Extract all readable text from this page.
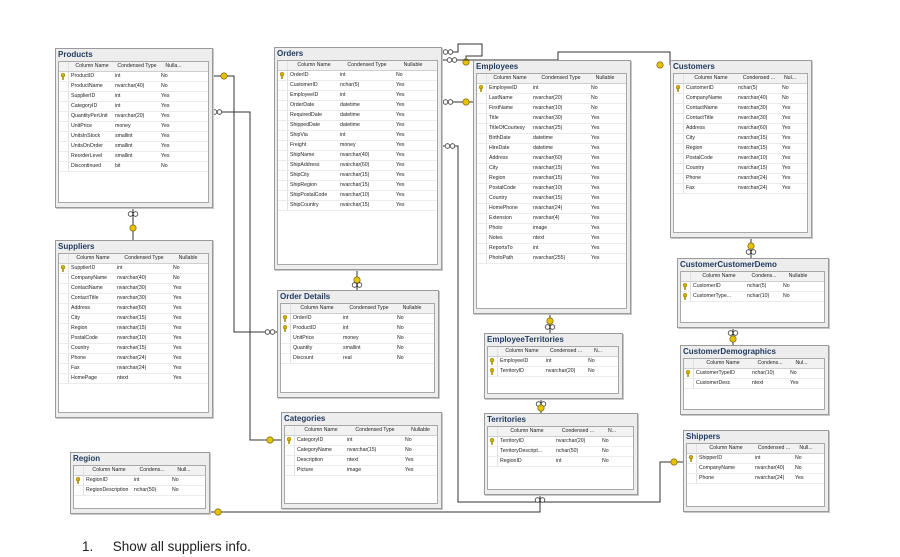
Products
Column Name	Condensed Type	Nulla...
ProductID	int	No
ProductName	nvarchar(40)	No
SupplierID	int	Yes
CategoryID	int	Yes
QuantityPerUnit	nvarchar(20)	Yes
UnitPrice	money	Yes
UnitsInStock	smallint	Yes
UnitsOnOrder	smallint	Yes
ReorderLevel	smallint	Yes
Discontinued	bit	No
Suppliers
Column Name	Condensed Type	Nullable
SupplierID	int	No
CompanyName	nvarchar(40)	No
ContactName	nvarchar(30)	Yes
ContactTitle	nvarchar(30)	Yes
Address	nvarchar(60)	Yes
City	nvarchar(15)	Yes
Region	nvarchar(15)	Yes
PostalCode	nvarchar(10)	Yes
Country	nvarchar(15)	Yes
Phone	nvarchar(24)	Yes
Fax	nvarchar(24)	Yes
HomePage	ntext	Yes
Region
Column Name	Condens...	Null...
RegionID	int	No
RegionDescription	nchar(50)	No
Orders
Column Name	Condensed Type	Nullable
OrderID	int	No
CustomerID	nchar(5)	Yes
EmployeeID	int	Yes
OrderDate	datetime	Yes
RequiredDate	datetime	Yes
ShippedDate	datetime	Yes
ShipVia	int	Yes
Freight	money	Yes
ShipName	nvarchar(40)	Yes
ShipAddress	nvarchar(60)	Yes
ShipCity	nvarchar(15)	Yes
ShipRegion	nvarchar(15)	Yes
ShipPostalCode	nvarchar(10)	Yes
ShipCountry	nvarchar(15)	Yes
Order Details
Column Name	Condensed Type	Nullable
OrderID	int	No
ProductID	int	No
UnitPrice	money	No
Quantity	smallint	No
Discount	real	No
Categories
Column Name	Condensed Type	Nullable
CategoryID	int	No
CategoryName	nvarchar(15)	No
Description	ntext	Yes
Picture	image	Yes
Employees
Column Name	Condensed Type	Nullable
EmployeeID	int	No
LastName	nvarchar(20)	No
FirstName	nvarchar(10)	No
Title	nvarchar(30)	Yes
TitleOfCourtesy	nvarchar(25)	Yes
BirthDate	datetime	Yes
HireDate	datetime	Yes
Address	nvarchar(60)	Yes
City	nvarchar(15)	Yes
Region	nvarchar(15)	Yes
PostalCode	nvarchar(10)	Yes
Country	nvarchar(15)	Yes
HomePhone	nvarchar(24)	Yes
Extension	nvarchar(4)	Yes
Photo	image	Yes
Notes	ntext	Yes
ReportsTo	int	Yes
PhotoPath	nvarchar(255)	Yes
EmployeeTerritories
Column Name	Condensed ...	N...
EmployeeID	int	No
TerritoryID	nvarchar(20)	No
Territories
Column Name	Condensed ...	N...
TerritoryID	nvarchar(20)	No
TerritoryDescript...	nchar(50)	No
RegionID	int	No
Customers
Column Name	Condensed ...	Nul...
CustomerID	nchar(5)	No
CompanyName	nvarchar(40)	No
ContactName	nvarchar(30)	Yes
ContactTitle	nvarchar(30)	Yes
Address	nvarchar(60)	Yes
City	nvarchar(15)	Yes
Region	nvarchar(15)	Yes
PostalCode	nvarchar(10)	Yes
Country	nvarchar(15)	Yes
Phone	nvarchar(24)	Yes
Fax	nvarchar(24)	Yes
CustomerCustomerDemo
Column Name	Condens...	Nullable
CustomerID	nchar(5)	No
CustomerType...	nchar(10)	No
CustomerDemographics
Column Name	Condens...	Nul...
CustomerTypeID	nchar(10)	No
CustomerDesc	ntext	Yes
Shippers
Column Name	Condensed ...	Null...
ShipperID	int	No
CompanyName	nvarchar(40)	No
Phone	nvarchar(24)	Yes
1. Show all suppliers info.
